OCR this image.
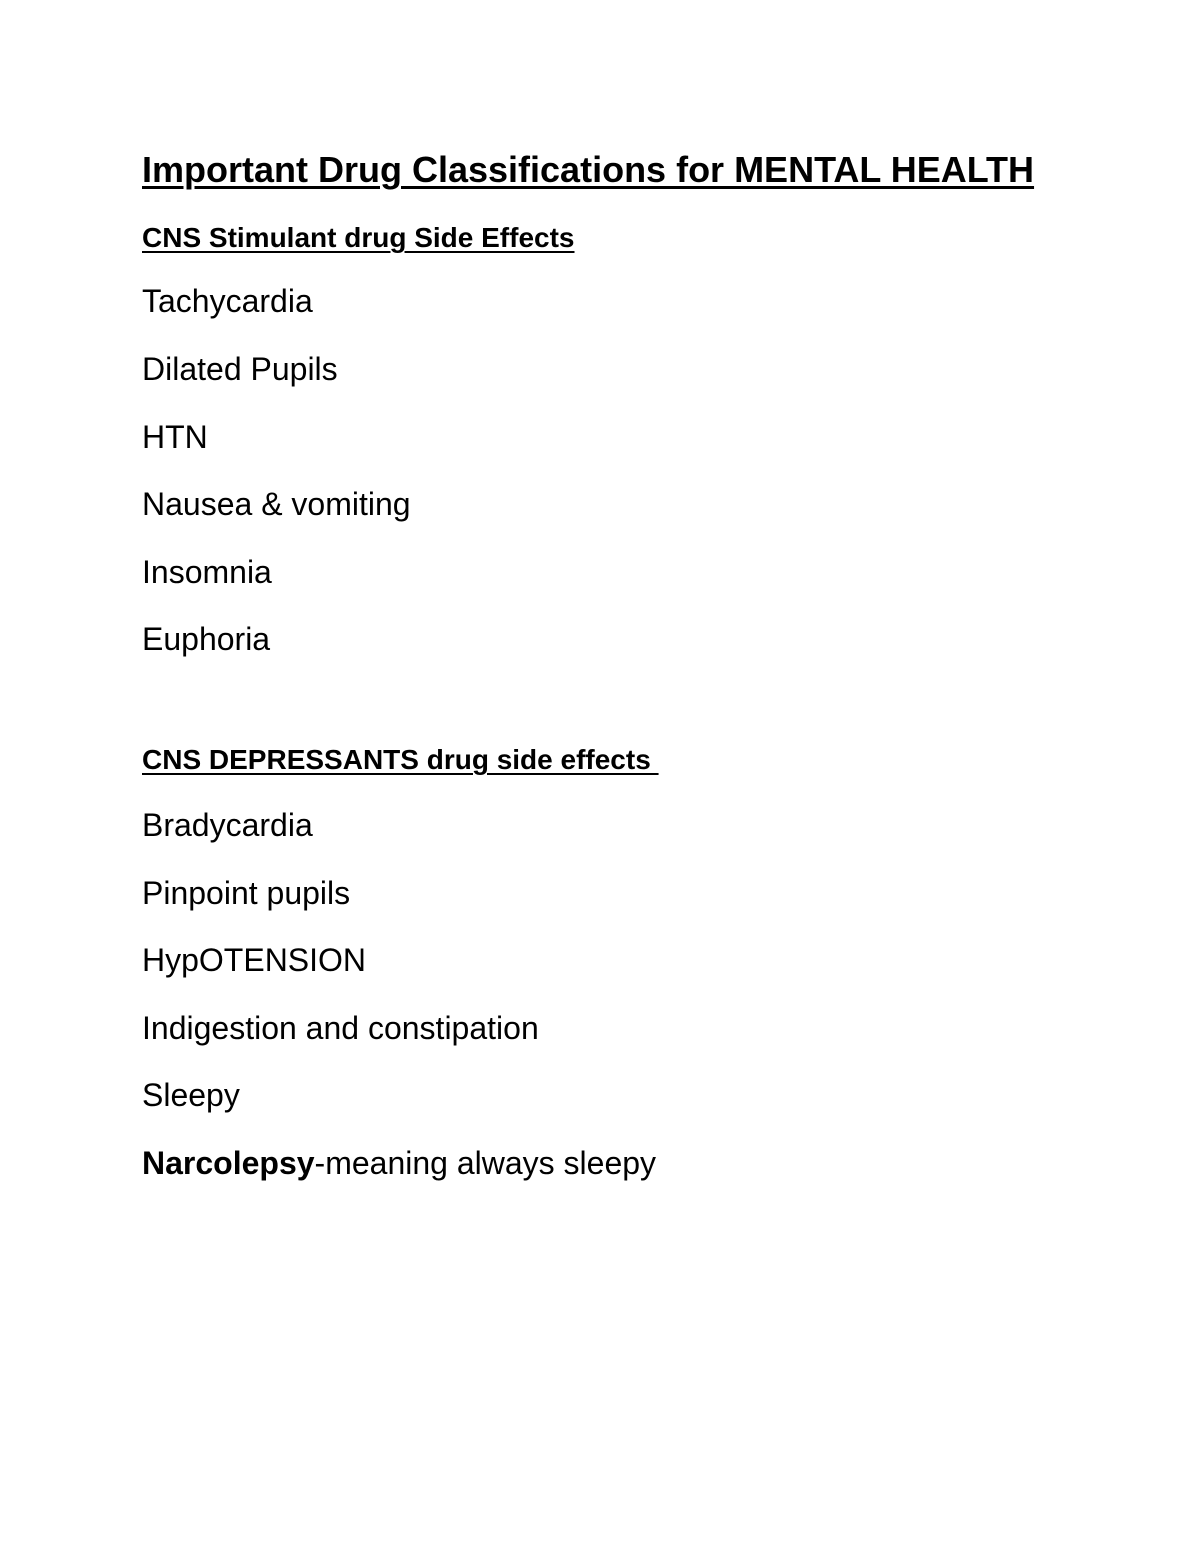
Important Drug Classifications for MENTAL HEALTH
CNS Stimulant drug Side Effects
Tachycardia
Dilated Pupils
HTN
Nausea & vomiting
Insomnia
Euphoria
CNS DEPRESSANTS drug side effects
Bradycardia
Pinpoint pupils
HypOTENSION
Indigestion and constipation
Sleepy
Narcolepsy-meaning always sleepy
